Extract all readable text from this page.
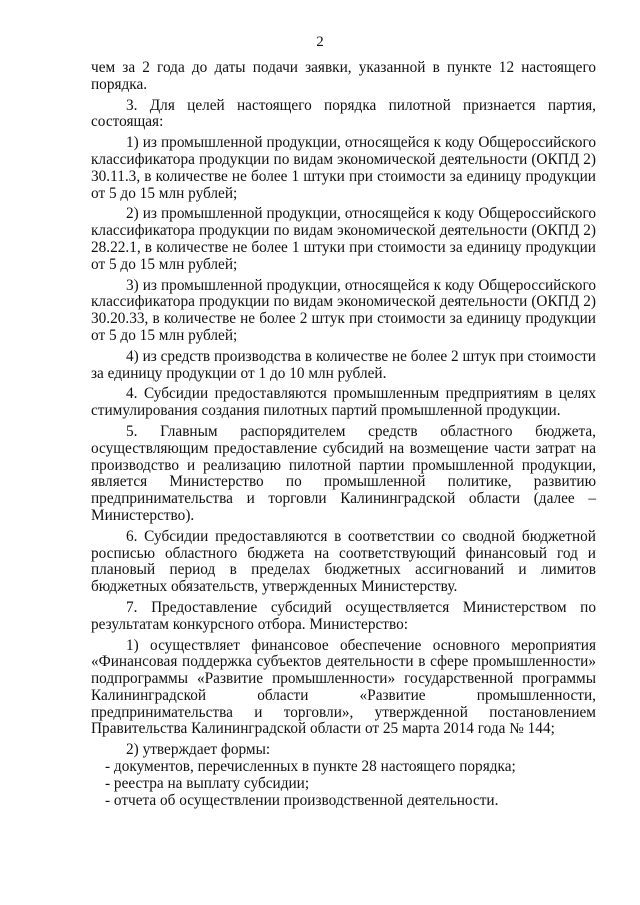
2

чем за 2 года до даты подачи заявки, указанной в пункте 12 настоящего порядка.

3. Для целей настоящего порядка пилотной признается партия, состоящая:

1) из промышленной продукции, относящейся к коду Общероссийского классификатора продукции по видам экономической деятельности (ОКПД 2) 30.11.3, в количестве не более 1 штуки при стоимости за единицу продукции от 5 до 15 млн рублей;

2) из промышленной продукции, относящейся к коду Общероссийского классификатора продукции по видам экономической деятельности (ОКПД 2) 28.22.1, в количестве не более 1 штуки при стоимости за единицу продукции от 5 до 15 млн рублей;

3) из промышленной продукции, относящейся к коду Общероссийского классификатора продукции по видам экономической деятельности (ОКПД 2) 30.20.33, в количестве не более 2 штук при стоимости за единицу продукции от 5 до 15 млн рублей;

4) из средств производства в количестве не более 2 штук при стоимости за единицу продукции от 1 до 10 млн рублей.

4. Субсидии предоставляются промышленным предприятиям в целях стимулирования создания пилотных партий промышленной продукции.

5. Главным распорядителем средств областного бюджета, осуществляющим предоставление субсидий на возмещение части затрат на производство и реализацию пилотной партии промышленной продукции, является Министерство по промышленной политике, развитию предпринимательства и торговли Калининградской области (далее – Министерство).

6. Субсидии предоставляются в соответствии со сводной бюджетной росписью областного бюджета на соответствующий финансовый год и плановый период в пределах бюджетных ассигнований и лимитов бюджетных обязательств, утвержденных Министерству.

7. Предоставление субсидий осуществляется Министерством по результатам конкурсного отбора. Министерство:

1) осуществляет финансовое обеспечение основного мероприятия «Финансовая поддержка субъектов деятельности в сфере промышленности» подпрограммы «Развитие промышленности» государственной программы Калининградской области «Развитие промышленности, предпринимательства и торговли», утвержденной постановлением Правительства Калининградской области от 25 марта 2014 года № 144;

2) утверждает формы:

- документов, перечисленных в пункте 28 настоящего порядка;

- реестра на выплату субсидии;

- отчета об осуществлении производственной деятельности.
